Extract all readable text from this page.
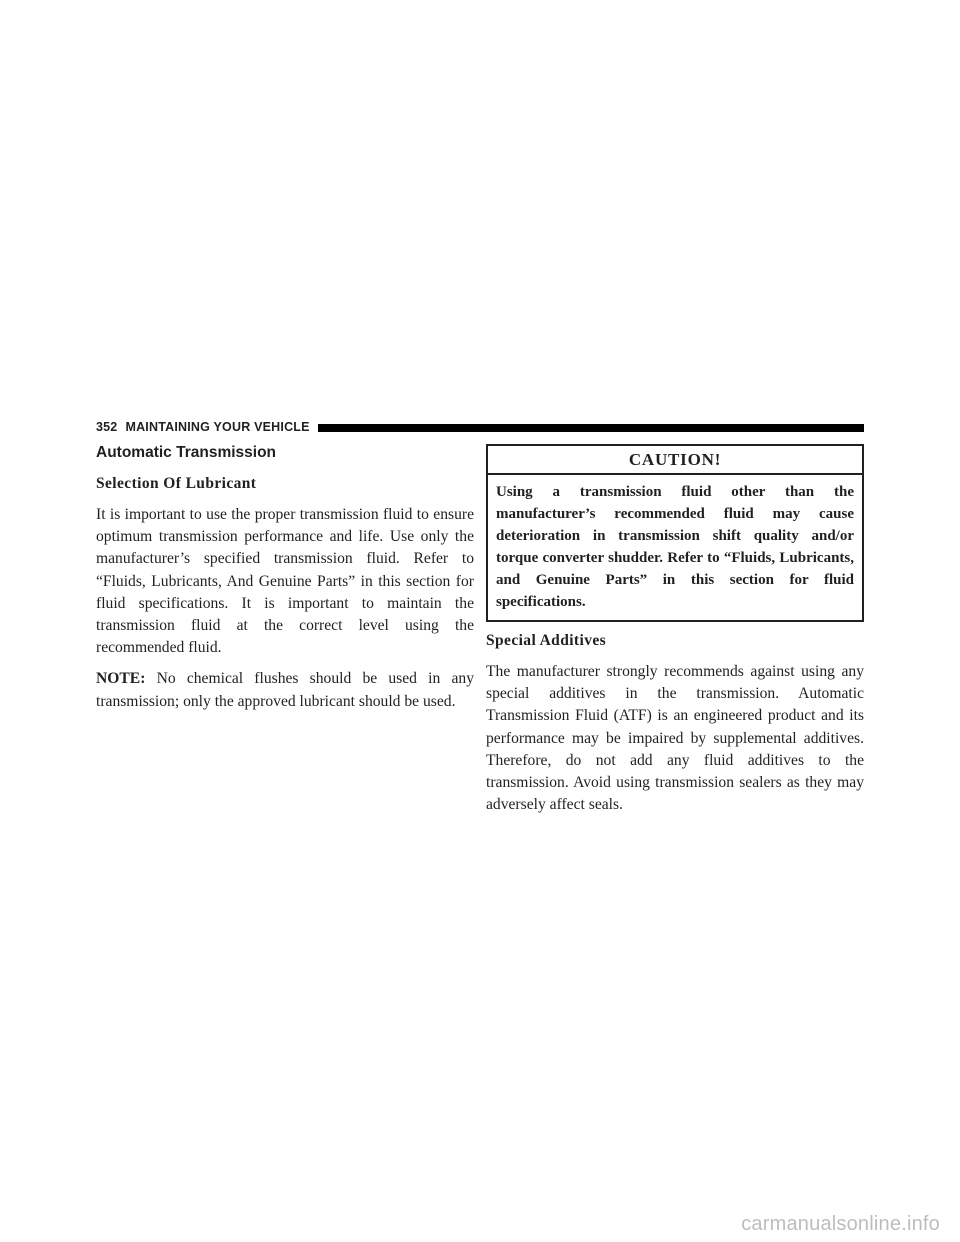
352 MAINTAINING YOUR VEHICLE
Automatic Transmission
Selection Of Lubricant

It is important to use the proper transmission fluid to ensure optimum transmission performance and life. Use only the manufacturer’s specified transmission fluid. Refer to “Fluids, Lubricants, And Genuine Parts” in this section for fluid specifications. It is important to maintain the transmission fluid at the correct level using the recommended fluid.

NOTE: No chemical flushes should be used in any transmission; only the approved lubricant should be used.

CAUTION!
Using a transmission fluid other than the manufacturer’s recommended fluid may cause deterioration in transmission shift quality and/or torque converter shudder. Refer to “Fluids, Lubricants, and Genuine Parts” in this section for fluid specifications.
Special Additives

The manufacturer strongly recommends against using any special additives in the transmission. Automatic Transmission Fluid (ATF) is an engineered product and its performance may be impaired by supplemental additives. Therefore, do not add any fluid additives to the transmission. Avoid using transmission sealers as they may adversely affect seals.

carmanualsonline.info
